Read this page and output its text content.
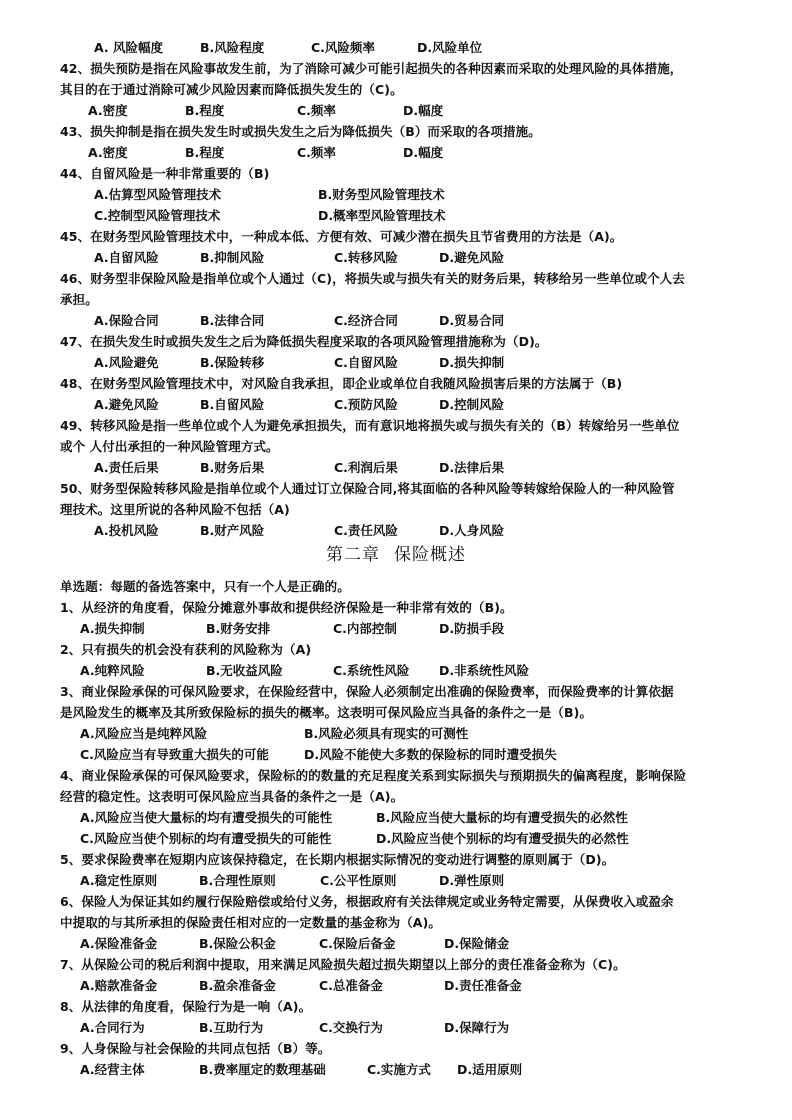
A. 风险幅度	B.风险程度	C.风险频率	D.风险单位
42、损失预防是指在风险事故发生前，为了消除可减少可能引起损失的各种因素而采取的处理风险的具体措施，
其目的在于通过消除可减少风险因素而降低损失发生的（C)。
A.密度	B.程度	C.频率	D.幅度
43、损失抑制是指在损失发生时或损失发生之后为降低损失（B）而采取的各项措施。
A.密度	B.程度	C.频率	D.幅度
44、自留风险是一种非常重要的（B)
A.估算型风险管理技术	B.财务型风险管理技术
C.控制型风险管理技术	D.概率型风险管理技术
45、在财务型风险管理技术中，一种成本低、方便有效、可减少潜在损失且节省费用的方法是（A)。
A.自留风险	B.抑制风险	C.转移风险	D.避免风险
46、财务型非保险风险是指单位或个人通过（C)，将损失或与损失有关的财务后果，转移给另一些单位或个人去
承担。
A.保险合同	B.法律合同	C.经济合同	D.贸易合同
47、在损失发生时或损失发生之后为降低损失程度采取的各项风险管理措施称为（D)。
A.风险避免	B.保险转移	C.自留风险	D.损失抑制
48、在财务型风险管理技术中，对风险自我承担，即企业或单位自我随风险损害后果的方法属于（B)
A.避免风险	B.自留风险	C.预防风险	D.控制风险
49、转移风险是指一些单位或个人为避免承担损失，而有意识地将损失或与损失有关的（B）转嫁给另一些单位
或个 人付出承担的一种风险管理方式。
A.责任后果	B.财务后果	C.利润后果	D.法律后果
50、财务型保险转移风险是指单位或个人通过订立保险合同,将其面临的各种风险等转嫁给保险人的一种风险管
理技术。这里所说的各种风险不包括（A)
A.投机风险	B.财产风险	C.责任风险	D.人身风险
第二章 保险概述
单选题：每题的备选答案中，只有一个人是正确的。
1、从经济的角度看，保险分摊意外事故和提供经济保险是一种非常有效的（B)。
A.损失抑制	B.财务安排	C.内部控制	D.防损手段
2、只有损失的机会没有获利的风险称为（A)
A.纯粹风险	B.无收益风险	C.系统性风险 D.非系统性风险
3、商业保险承保的可保风险要求，在保险经营中，保险人必须制定出准确的保险费率，而保险费率的计算依据
是风险发生的概率及其所致保险标的损失的概率。这表明可保风险应当具备的条件之一是（B)。
A.风险应当是纯粹风险	B.风险必须具有现实的可测性
C.风险应当有导致重大损失的可能	D.风险不能使大多数的保险标的同时遭受损失
4、商业保险承保的可保风险要求，保险标的的数量的充足程度关系到实际损失与预期损失的偏离程度，影响保险
经营的稳定性。这表明可保风险应当具备的条件之一是（A)。
A.风险应当使大量标的均有遭受损失的可能性	B.风险应当使大量标的均有遭受损失的必然性
C.风险应当使个别标的均有遭受损失的可能性	D.风险应当使个别标的均有遭受损失的必然性
5、要求保险费率在短期内应该保持稳定，在长期内根据实际情况的变动进行调整的原则属于（D)。
A.稳定性原则	B.合理性原则	C.公平性原则	D.弹性原则
6、保险人为保证其如约履行保险赔偿或给付义务，根据政府有关法律规定或业务特定需要，从保费收入或盈余
中提取的与其所承担的保险责任相对应的一定数量的基金称为（A)。
A.保险准备金	B.保险公积金	C.保险后备金	D.保险储金
7、从保险公司的税后利润中提取，用来满足风险损失超过损失期望以上部分的责任准备金称为（C)。
A.赔款准备金	B.盈余准备金	C.总准备金	D.责任准备金
8、从法律的角度看，保险行为是一响（A)。
A.合同行为	B.互助行为	C.交换行为	D.保障行为
9、人身保险与社会保险的共同点包括（B）等。
A.经营主体	B.费率厘定的数理基础	C.实施方式 D.适用原则
